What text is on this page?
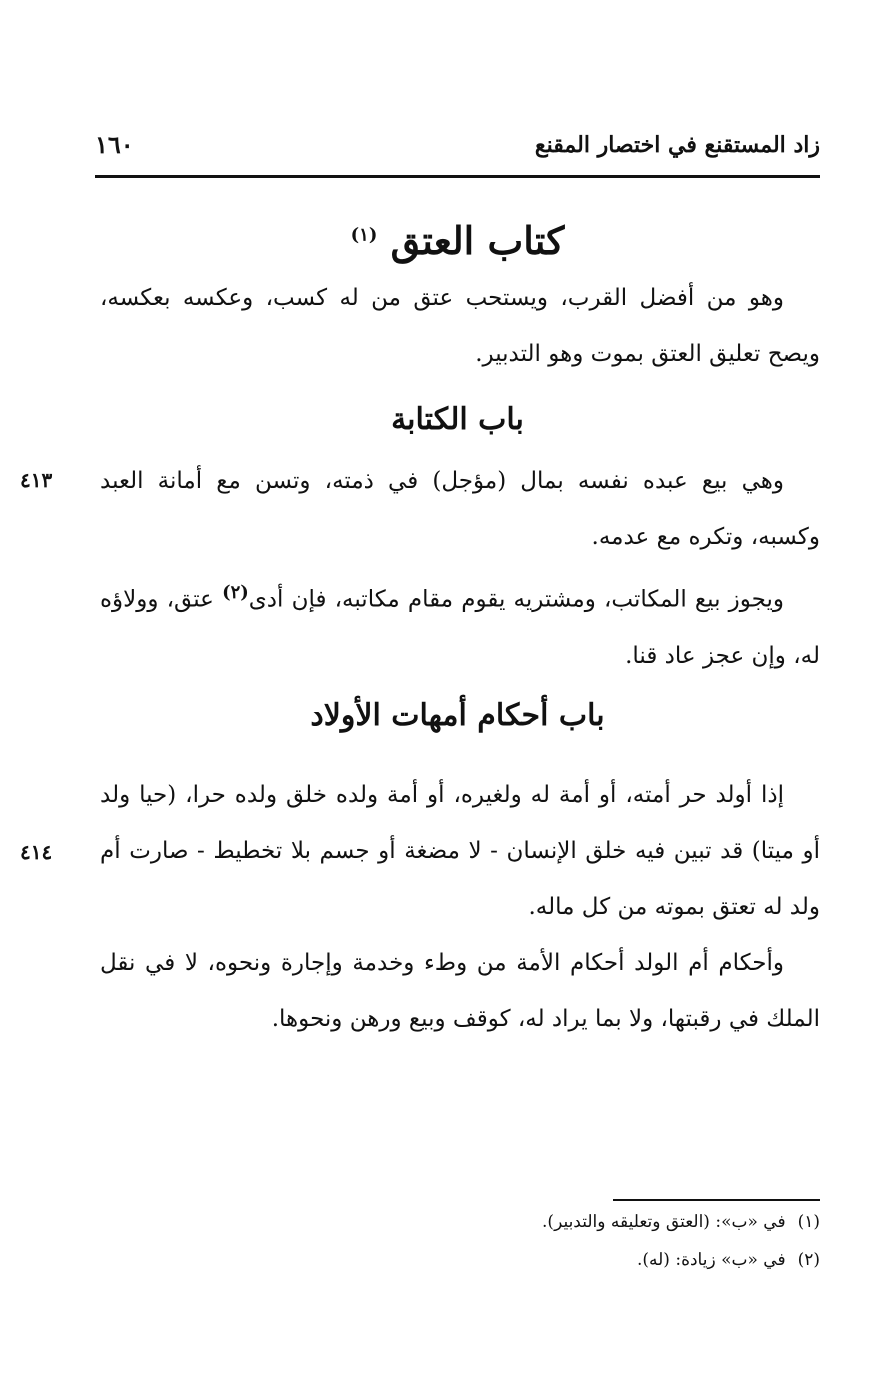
زاد المستقنع في اختصار المقنع
١٦٠
كتاب العتق $^{(١)}$

وهو من أفضل القرب، ويستحب عتق من له كسب، وعكسه بعكسه، ويصح تعليق العتق بموت وهو التدبير.

باب الكتابة

وهي بيع عبده نفسه بمال (مؤجل) في ذمته، وتسن مع أمانة العبد وكسبه، وتكره مع عدمه.

٤١٣

ويجوز بيع المكاتب، ومشتريه يقوم مقام مكاتبه، فإن أدى$^{(٢)}$ عتق، وولاؤه له، وإن عجز عاد قنا.

باب أحكام أمهات الأولاد

إذا أولد حر أمته، أو أمة له ولغيره، أو أمة ولده خلق ولده حرا، (حيا ولد أو ميتا) قد تبين فيه خلق الإنسان - لا مضغة أو جسم بلا تخطيط - صارت أم ولد له تعتق بموته من كل ماله.

٤١٤

وأحكام أم الولد أحكام الأمة من وطء وخدمة وإجارة ونحوه، لا في نقل الملك في رقبتها، ولا بما يراد له، كوقف وبيع ورهن ونحوها.

(١)في «ب»: (العتق وتعليقه والتدبير).
(٢)في «ب» زيادة: (له).
